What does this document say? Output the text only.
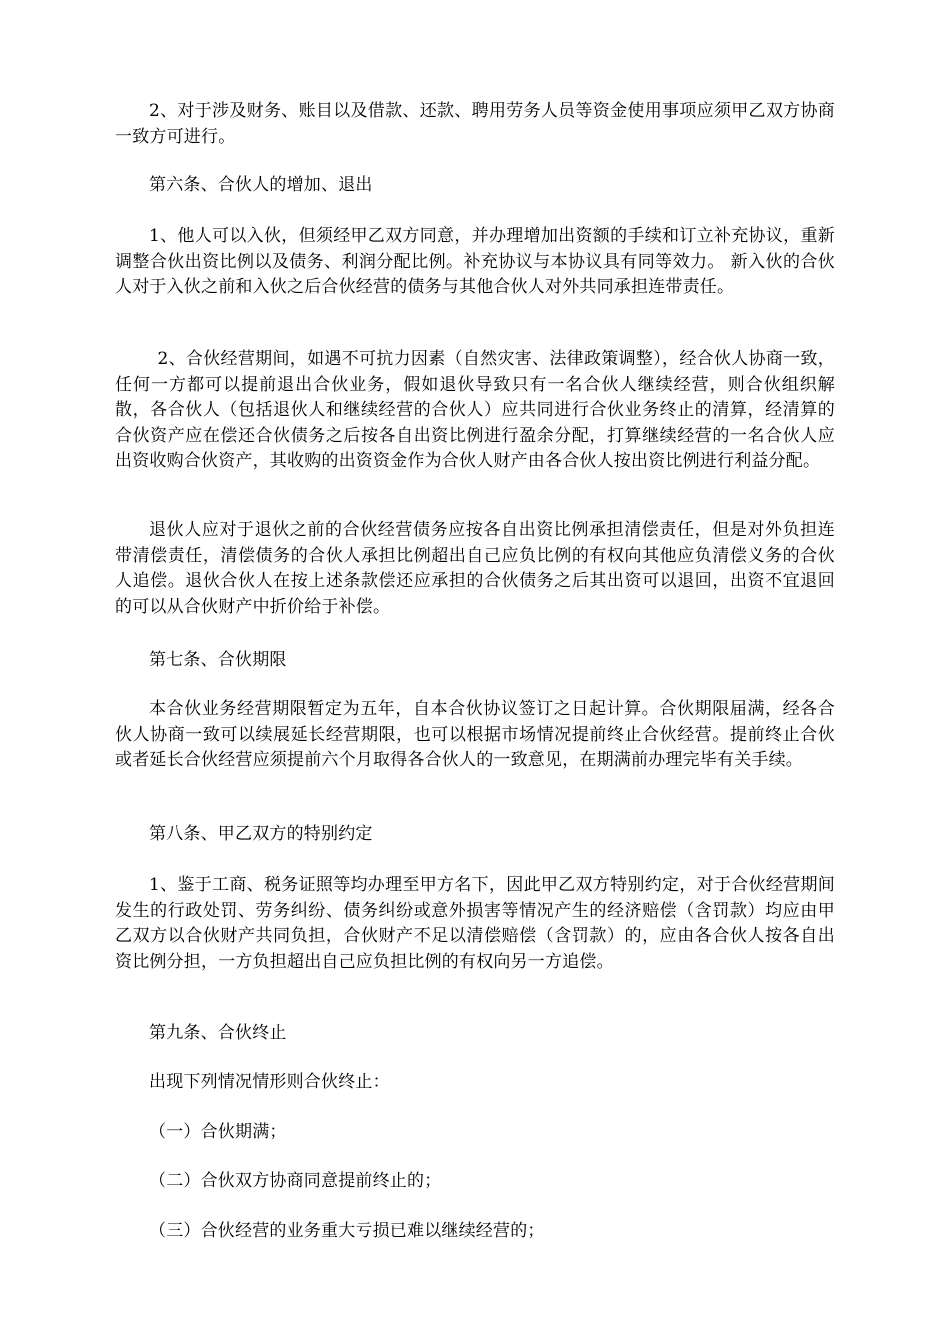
2、对于涉及财务、账目以及借款、还款、聘用劳务人员等资金使用事项应须甲乙双方协商一致方可进行。

第六条、合伙人的增加、退出

1、他人可以入伙，但须经甲乙双方同意，并办理增加出资额的手续和订立补充协议，重新调整合伙出资比例以及债务、利润分配比例。补充协议与本协议具有同等效力。 新入伙的合伙人对于入伙之前和入伙之后合伙经营的债务与其他合伙人对外共同承担连带责任。

2、合伙经营期间，如遇不可抗力因素（自然灾害、法律政策调整），经合伙人协商一致，任何一方都可以提前退出合伙业务，假如退伙导致只有一名合伙人继续经营，则合伙组织解散，各合伙人（包括退伙人和继续经营的合伙人）应共同进行合伙业务终止的清算，经清算的合伙资产应在偿还合伙债务之后按各自出资比例进行盈余分配，打算继续经营的一名合伙人应出资收购合伙资产，其收购的出资资金作为合伙人财产由各合伙人按出资比例进行利益分配。

退伙人应对于退伙之前的合伙经营债务应按各自出资比例承担清偿责任，但是对外负担连带清偿责任，清偿债务的合伙人承担比例超出自己应负比例的有权向其他应负清偿义务的合伙人追偿。退伙合伙人在按上述条款偿还应承担的合伙债务之后其出资可以退回，出资不宜退回的可以从合伙财产中折价给于补偿。

第七条、合伙期限

本合伙业务经营期限暂定为五年，自本合伙协议签订之日起计算。合伙期限届满，经各合伙人协商一致可以续展延长经营期限，也可以根据市场情况提前终止合伙经营。提前终止合伙或者延长合伙经营应须提前六个月取得各合伙人的一致意见，在期满前办理完毕有关手续。

第八条、甲乙双方的特别约定

1、鉴于工商、税务证照等均办理至甲方名下，因此甲乙双方特别约定，对于合伙经营期间发生的行政处罚、劳务纠纷、债务纠纷或意外损害等情况产生的经济赔偿（含罚款）均应由甲乙双方以合伙财产共同负担，合伙财产不足以清偿赔偿（含罚款）的，应由各合伙人按各自出资比例分担，一方负担超出自己应负担比例的有权向另一方追偿。

第九条、合伙终止

出现下列情况情形则合伙终止：

（一）合伙期满；

（二）合伙双方协商同意提前终止的；

（三）合伙经营的业务重大亏损已难以继续经营的；
